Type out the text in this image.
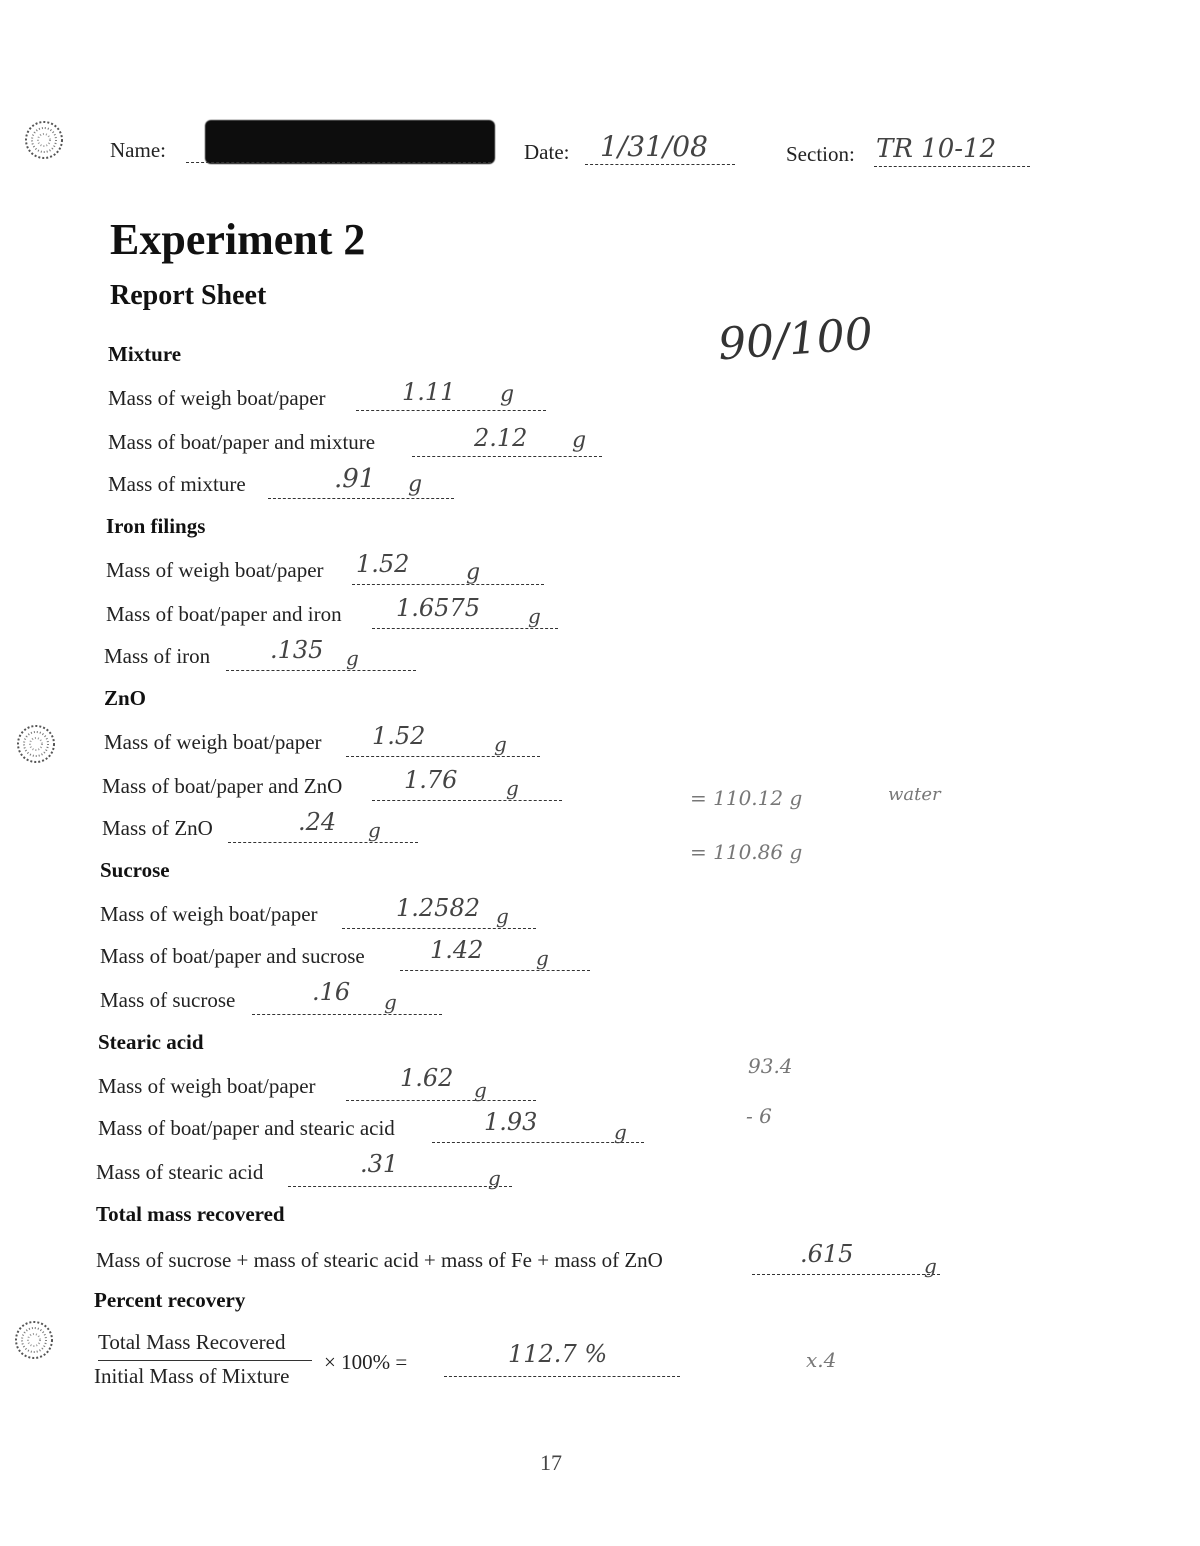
Name:	Date: 1/31/08	Section: TR 10-12
Experiment 2
Report Sheet
90/100
Mixture
Mass of weigh boat/paper	1.11 g
Mass of boat/paper and mixture	2.12 g
Mass of mixture	.91 g
Iron filings
Mass of weigh boat/paper 1.52	g
Mass of boat/paper and iron 1.6575 g
Mass of iron .135 g
ZnO
Mass of weigh boat/paper 1.52	g
Mass of boat/paper and ZnO	1.76 g
Mass of ZnO	.24 g
= 110.12 g	water
= 110.86 g
Sucrose
Mass of weigh boat/paper	1.2582 g
Mass of boat/paper and sucrose	1.42	g
Mass of sucrose	.16 g
Stearic acid
Mass of weigh boat/paper	1.62 g
Mass of boat/paper and stearic acid	1.93	g
Mass of stearic acid	.31	g
93.4
- 6
Total mass recovered
Mass of sucrose + mass of stearic acid + mass of Fe + mass of ZnO	.615	g
Percent recovery
Total Mass Recovered
Initial Mass of Mixture
× 100% =	112.7 %	x.4
17
